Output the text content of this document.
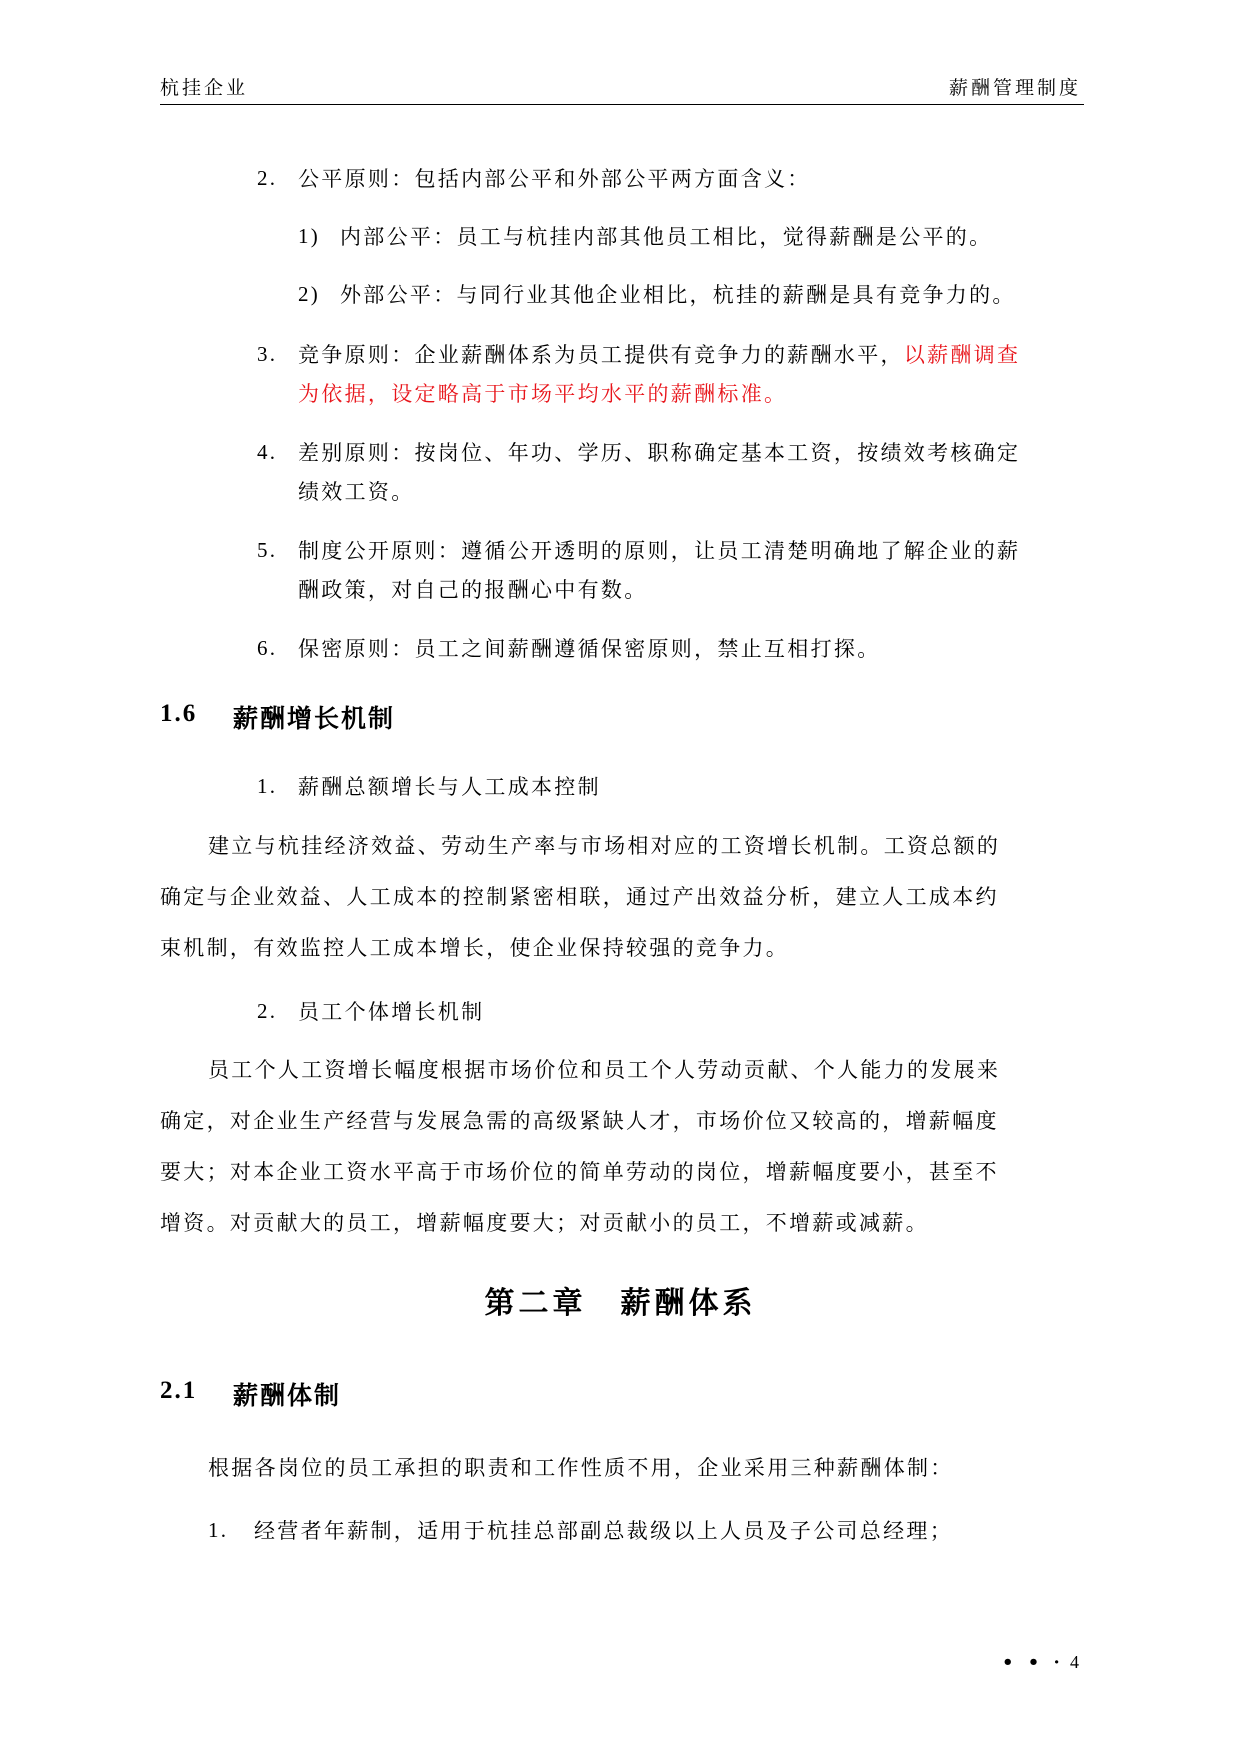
杭挂企业	薪酬管理制度
2. 公平原则：包括内部公平和外部公平两方面含义：
1) 内部公平：员工与杭挂内部其他员工相比，觉得薪酬是公平的。
2) 外部公平：与同行业其他企业相比，杭挂的薪酬是具有竞争力的。
3. 竞争原则：企业薪酬体系为员工提供有竞争力的薪酬水平，以薪酬调查
为依据，设定略高于市场平均水平的薪酬标准。
4. 差别原则：按岗位、年功、学历、职称确定基本工资，按绩效考核确定
绩效工资。
5. 制度公开原则：遵循公开透明的原则，让员工清楚明确地了解企业的薪
酬政策，对自己的报酬心中有数。
6. 保密原则：员工之间薪酬遵循保密原则，禁止互相打探。
1.6 薪酬增长机制
1. 薪酬总额增长与人工成本控制
建立与杭挂经济效益、劳动生产率与市场相对应的工资增长机制。工资总额的
确定与企业效益、人工成本的控制紧密相联，通过产出效益分析，建立人工成本约
束机制，有效监控人工成本增长，使企业保持较强的竞争力。
2. 员工个体增长机制
员工个人工资增长幅度根据市场价位和员工个人劳动贡献、个人能力的发展来
确定，对企业生产经营与发展急需的高级紧缺人才，市场价位又较高的，增薪幅度
要大；对本企业工资水平高于市场价位的简单劳动的岗位，增薪幅度要小，甚至不
增资。对贡献大的员工，增薪幅度要大；对贡献小的员工，不增薪或减薪。
第二章　薪酬体系
2.1 薪酬体制
根据各岗位的员工承担的职责和工作性质不用，企业采用三种薪酬体制：
1. 经营者年薪制，适用于杭挂总部副总裁级以上人员及子公司总经理；
• • · 4
